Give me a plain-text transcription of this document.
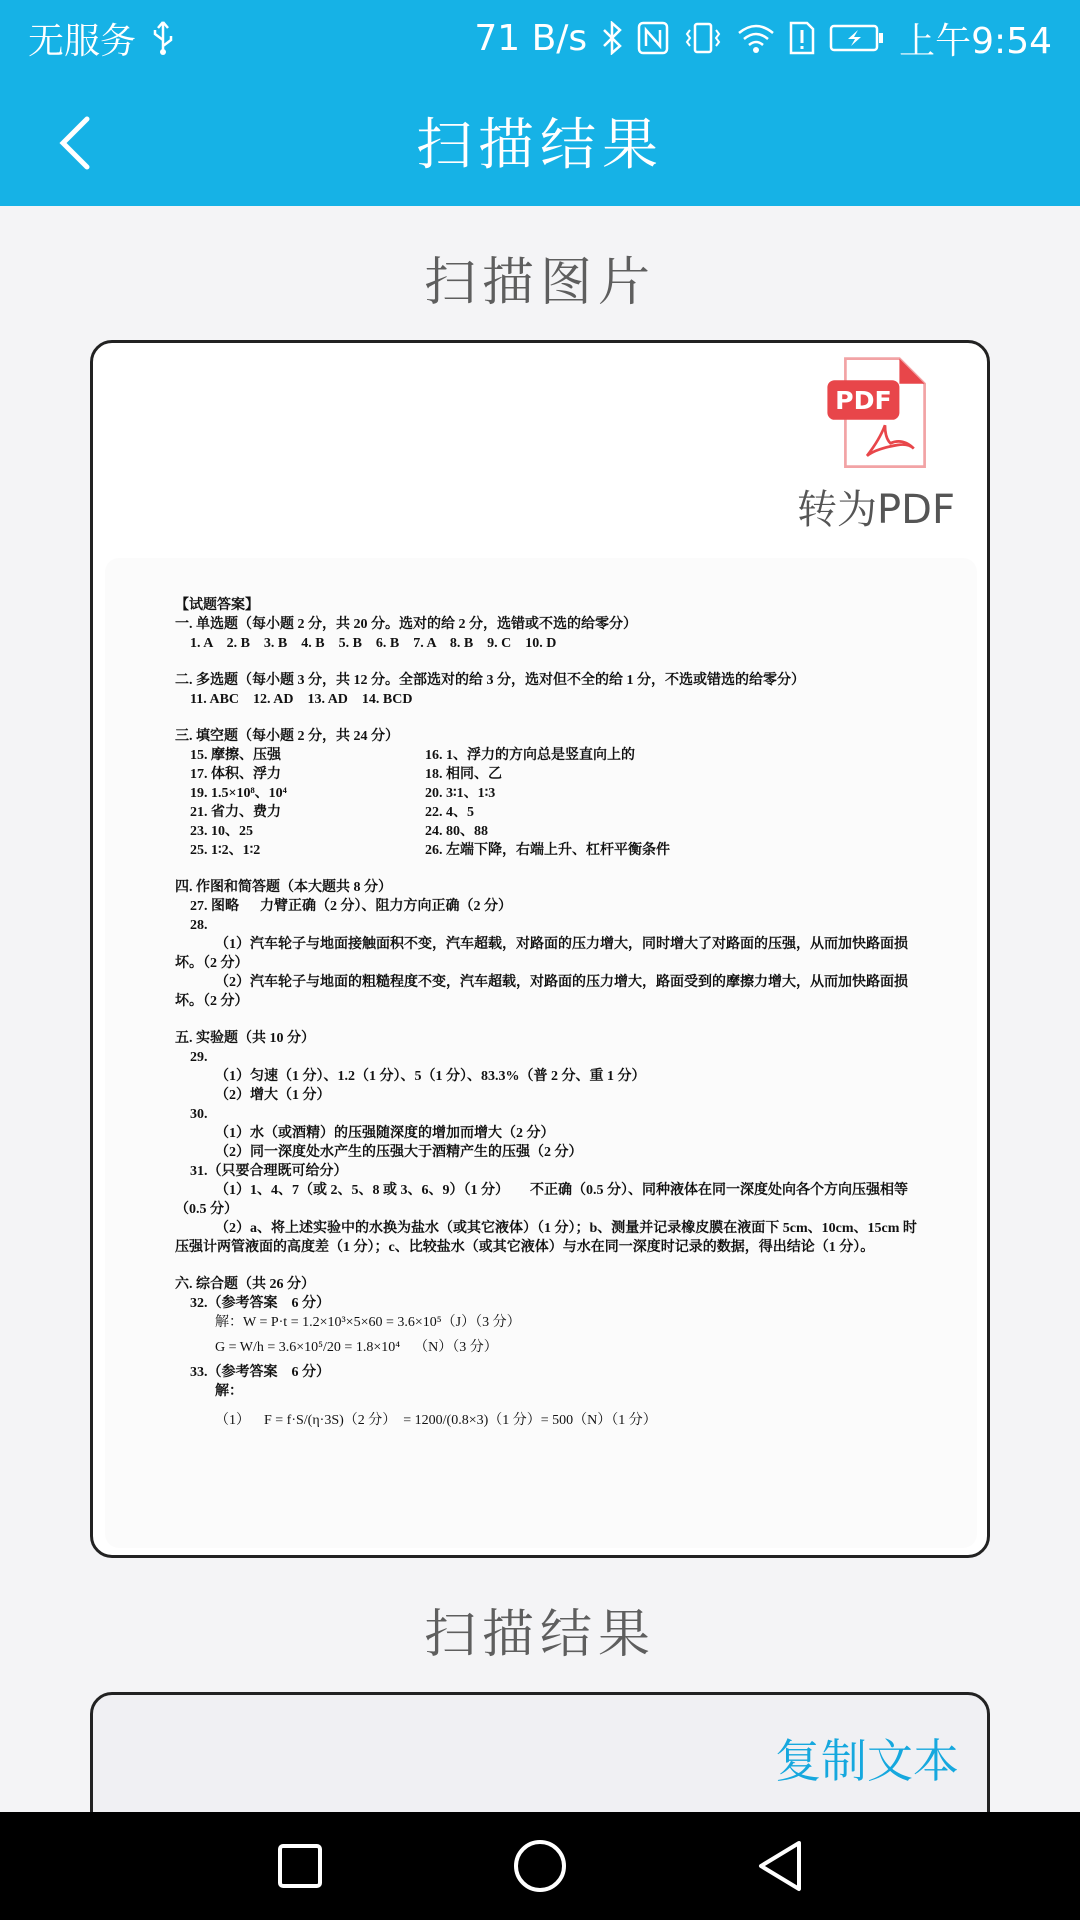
无服务	71 B/s	上午9:54
扫描结果
扫描图片
PDF
转为PDF
【试题答案】
一. 单选题（每小题 2 分，共 20 分。选对的给 2 分，选错或不选的给零分）
1. A    2. B    3. B    4. B    5. B    6. B    7. A    8. B    9. C    10. D
二. 多选题（每小题 3 分，共 12 分。全部选对的给 3 分，选对但不全的给 1 分，不选或错选的给零分）
11. ABC    12. AD    13. AD    14. BCD
三. 填空题（每小题 2 分，共 24 分）
15. 摩擦、压强	16. 1、浮力的方向总是竖直向上的
17. 体积、浮力	18. 相同、乙
19. 1.5×10⁸、10⁴	20. 3∶1、1∶3
21. 省力、费力	22. 4、5
23. 10、25	24. 80、88
25. 1∶2、1∶2	26. 左端下降，右端上升、杠杆平衡条件
四. 作图和简答题（本大题共 8 分）
27. 图略      力臂正确（2 分）、阻力方向正确（2 分）
28.
（1）汽车轮子与地面接触面积不变，汽车超载，对路面的压力增大，同时增大了对路面的压强，从而加快路面损坏。（2 分）
（2）汽车轮子与地面的粗糙程度不变，汽车超载，对路面的压力增大，路面受到的摩擦力增大，从而加快路面损坏。（2 分）
五. 实验题（共 10 分）
29.
（1）匀速（1 分）、1.2（1 分）、5（1 分）、83.3%（普 2 分、重 1 分）
（2）增大（1 分）
30.
（1）水（或酒精）的压强随深度的增加而增大（2 分）
（2）同一深度处水产生的压强大于酒精产生的压强（2 分）
31.（只要合理既可给分）
（1）1、4、7（或 2、5、8 或 3、6、9）（1 分）      不正确（0.5 分）、同种液体在同一深度处向各个方向压强相等（0.5 分）
（2）a、将上述实验中的水换为盐水（或其它液体）（1 分）；b、测量并记录橡皮膜在液面下 5cm、10cm、15cm 时压强计两管液面的高度差（1 分）；c、比较盐水（或其它液体）与水在同一深度时记录的数据，得出结论（1 分）。
六. 综合题（共 26 分）
32.（参考答案    6 分）
解：W = P·t = 1.2×10³×5×60 = 3.6×10⁵（J）（3 分）
G = W/h = 3.6×10⁵/20 = 1.8×10⁴    （N）（3 分）
33.（参考答案    6 分）
解：
（1）    F = f·S/(η·3S)（2 分）  = 1200/(0.8×3)（1 分）= 500（N）（1 分）
扫描结果
复制文本
